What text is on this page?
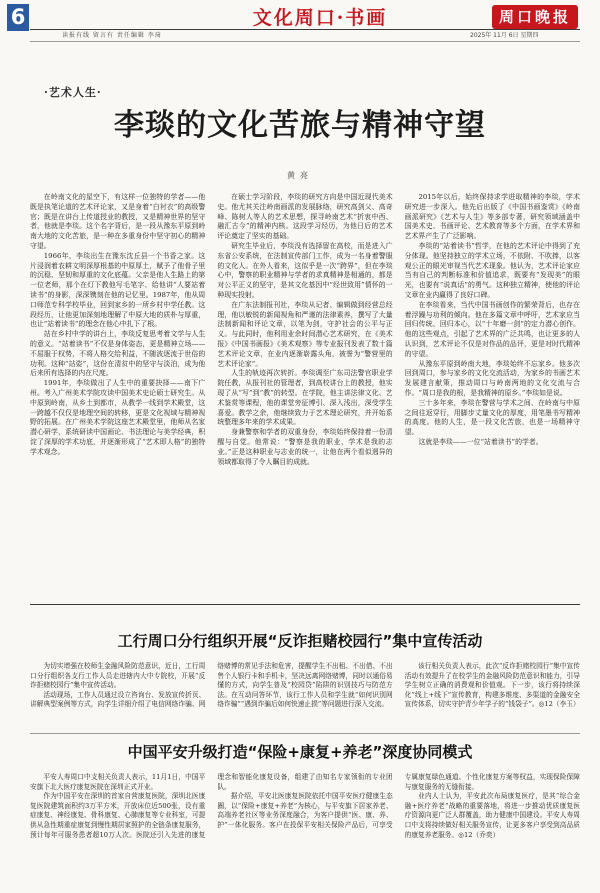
6	文化周口·书画	周口晚报
读报有线 留言有 责任编辑 李琦	2025年 11月 6日 星期四
·艺术人生·
李琰的文化苦旅与精神守望
黄亮

在岭南文化的星空下，有这样一位独特的学者——他既是执笔论道的艺术评论家，又是身着“白衬衣”的高级警官；既是在讲台上传道授业的教授，又是精神世界的坚守者，他就是李琰。这个名字背后，是一段从豫东平原到岭南大地的文化苦旅，是一种在多重身份中坚守初心的精神守望。

1966年，李琰出生在豫东沈丘县一个书香之家。这片浸润着农耕文明深厚根基的中原厚土，赋予了他骨子里的沉稳、坚韧和厚重的文化底蕴。父亲是他人生路上的第一位老师，那个在灯下教他写毛笔字、给他讲“人要站着读书”的身影，深深镌刻在他的记忆里。1987年，他从周口师范专科学校毕业，回到家乡的一所乡村中学任教。这段经历，让他更加深刻地理解了中原大地的质朴与厚重，也让“站着读书”的理念在他心中扎下了根。

站在乡村中学的讲台上，李琰反复思考着文学与人生的意义。“站着读书”不仅是身体姿态，更是精神立场——不屈服于权势，不将人格交给利益，不随波逐流于世俗的功利。这种“站姿”，这份在清贫中的坚守与淡泊，成为他后来所有选择的内在尺度。

1991年，李琰做出了人生中的重要抉择——南下广州。考入广州美术学院攻读中国美术史论硕士研究生。从中原到岭南，从乡土到都市，从教学一线到学术殿堂，这一跨越不仅仅是地理空间的转移，更是文化视域与精神视野的拓展。在广州美术学院这座艺术殿堂里，他师从名家潜心研学，系统研读中国画论、书法理论与美学经典，积淀了深厚的学术功底，并逐渐形成了“艺术即人格”的独特学术观念。

在硕士学习阶段，李琰的研究方向是中国近现代美术史。他尤其关注岭南画派的发展脉络，研究高剑父、高奇峰、陈树人等人的艺术思想，探寻岭南艺术“折衷中西、融汇古今”的精神内核。这段学习经历，为他日后的艺术评论奠定了坚实的基础。

研究生毕业后，李琰没有选择留在高校，而是进入广东省公安系统，在法制宣传部门工作，成为一名身着警服的文化人。在外人看来，这似乎是一次“跨界”，但在李琰心中，警察的职业精神与学者的求真精神是相通的，都是对公平正义的坚守，是其文化基因中“经世致用”情怀的一种现实投射。

在广东法制报刊社，李琰从记者、编辑做到经营总经理，他以敏锐的新闻视角和严谨的法律素养，撰写了大量法制新闻和评论文章，以笔为剑，守护社会的公平与正义。与此同时，他利用业余时间潜心艺术研究，在《美术报》《中国书画报》《美术观察》等专业报刊发表了数十篇艺术评论文章，在业内逐渐崭露头角，被誉为“警营里的艺术评论家”。

人生的轨迹再次转折。李琰调至广东司法警官职业学院任教，从报刊社的管理者，到高校讲台上的教授，他实现了从“写”到“教”的转型。在学院，他主讲法律文化、艺术鉴赏等课程，他的课堂旁征博引、深入浅出，深受学生喜爱。教学之余，他继续致力于艺术理论研究，并开始系统整理多年来的学术成果。

身兼警察和学者的双重身份，李琰始终保持着一份清醒与自觉。他常说：“警察是我的职业，学术是我的志业。”正是这种职业与志业的统一，让他在两个看似迥异的领域都取得了令人瞩目的成就。

2015年以后，始终保持求学进取精神的李琰，学术研究进一步深入。他先后出版了《中国书画鉴赏》《岭南画派研究》《艺术与人生》等多部专著，研究领域涵盖中国美术史、书画评论、艺术教育等多个方面，在学术界和艺术界产生了广泛影响。

李琰的“站着读书”哲学，在他的艺术评论中得到了充分体现。他坚持独立的学术立场，不依附、不吹捧，以客观公正的眼光审视当代艺术现象。他认为，艺术评论家应当有自己的判断标准和价值追求，既要有“发现美”的眼光，也要有“说真话”的勇气。这种独立精神，使他的评论文章在业内赢得了良好口碑。

在李琰看来，当代中国书画创作的繁荣背后，也存在着浮躁与功利的倾向。他在多篇文章中呼吁，艺术家应当回归传统、回归本心，以“十年磨一剑”的定力潜心创作。他的这些观点，引起了艺术界的广泛共鸣，也让更多的人认识到，艺术评论不仅是对作品的品评，更是对时代精神的守望。

从豫东平原到岭南大地，李琰始终不忘家乡。他多次回到周口，参与家乡的文化交流活动，为家乡的书画艺术发展建言献策，推动周口与岭南两地的文化交流与合作。“周口是我的根，是我精神的原乡。”李琰如是说。

三十多年来，李琰在警营与学术之间、在岭南与中原之间往返穿行，用脚步丈量文化的厚度，用笔墨书写精神的高度。他的人生，是一段文化苦旅，也是一场精神守望。

这就是李琰——一位“站着读书”的学者。

工行周口分行组织开展“反诈拒赌校园行”集中宣传活动

为切实增强在校师生金融风险防范意识，近日，工行周口分行组织各支行工作人员走进辖内大中专院校，开展“反诈拒赌校园行”集中宣传活动。

活动现场，工作人员通过设立咨询台、发放宣传折页、讲解典型案例等方式，向学生详细介绍了电信网络诈骗、网络赌博的常见手法和危害，提醒学生不出租、不出借、不出售个人银行卡和手机卡，坚决远离网络赌博，同时以通俗易懂的方式，向学生普及“校园贷”陷阱的识别技巧与防范方法。在互动问答环节，该行工作人员和学生就“如何识别网络诈骗”“遇到诈骗后如何快速止损”等问题进行深入交流。

该行相关负责人表示，此次“反诈拒赌校园行”集中宣传活动有效提升了在校学生的金融风险防范意识和能力，引导学生树立正确的消费观和价值观。下一步，该行将持续深化“线上+线下”宣传教育，构建多维度、多渠道的金融安全宣传体系，切实守护青少年学子的“钱袋子”。◎12（李玉）

中国平安升级打造“保险+康复+养老”深度协同模式

平安人寿周口中支相关负责人表示，11月1日，中国平安旗下北大医疗康复医院在深圳正式开业。

作为中国平安在深圳的首家自营康复医院，深圳北医康复医院建筑面积约3万平方米，开放床位近500张，设有重症康复、神经康复、骨科康复、心肺康复等专业科室，可提供从急性期重症康复到慢性期居家照护的全链条康复服务，预计每年可服务患者超10万人次。医院还引入先进的康复理念和智能化康复设备，组建了由知名专家领衔的专业团队。

据介绍，平安北医康复医院依托中国平安医疗健康生态圈，以“保险+康复+养老”为核心，与平安旗下居家养老、高端养老社区等业务深度融合，为客户提供“医、康、养、护”一体化服务。客户在投保平安相关保险产品后，可享受专属康复绿色通道、个性化康复方案等权益，实现保险保障与康复服务的无缝衔接。

业内人士认为，平安此次布局康复医疗，是其“综合金融+医疗养老”战略的重要落地，将进一步推动优质康复医疗资源向更广泛人群覆盖，助力健康中国建设。平安人寿周口中支将持续做好相关服务宣传，让更多客户享受到高品质的康复养老服务。◎12（乔奕）
